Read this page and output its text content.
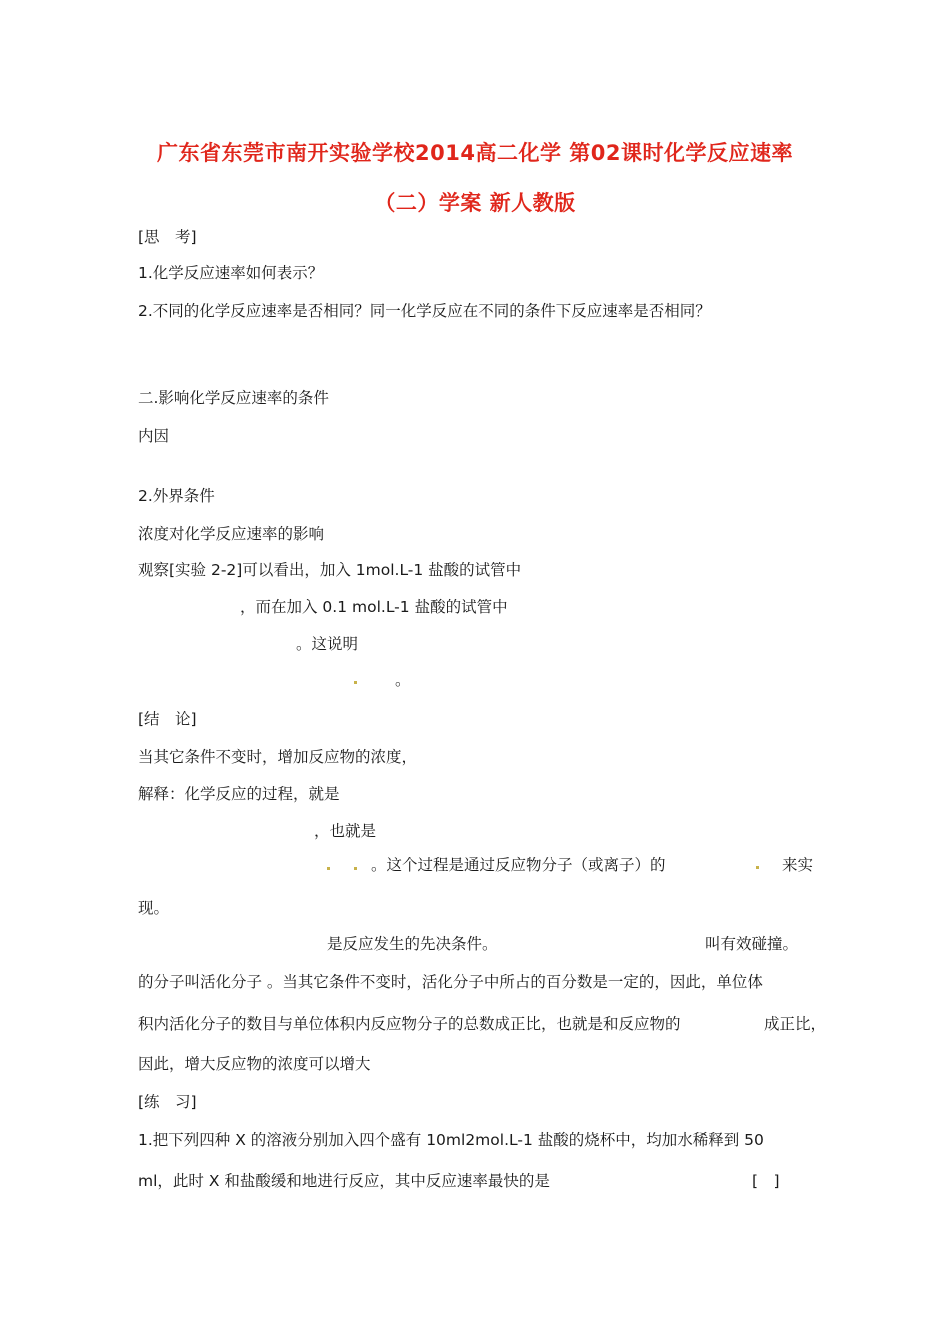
广东省东莞市南开实验学校2014高二化学 第02课时化学反应速率
（二）学案 新人教版
[思　考]
1.化学反应速率如何表示？
2.不同的化学反应速率是否相同？同一化学反应在不同的条件下反应速率是否相同？
二.影响化学反应速率的条件
内因
2.外界条件
浓度对化学反应速率的影响
观察[实验 2-2]可以看出，加入 1mol.L-1 盐酸的试管中
，而在加入 0.1 mol.L-1 盐酸的试管中
。这说明
。
[结　论]
当其它条件不变时，增加反应物的浓度，
解释：化学反应的过程，就是
，也就是
。这个过程是通过反应物分子（或离子）的	来实
现。
是反应发生的先决条件。	叫有效碰撞。
的分子叫活化分子 。当其它条件不变时，活化分子中所占的百分数是一定的，因此，单位体
积内活化分子的数目与单位体积内反应物分子的总数成正比，也就是和反应物的	成正比，
因此，增大反应物的浓度可以增大
[练　习]
1.把下列四种 X 的溶液分别加入四个盛有 10ml2mol.L-1 盐酸的烧杯中，均加水稀释到 50
ml，此时 X 和盐酸缓和地进行反应，其中反应速率最快的是	[　]
